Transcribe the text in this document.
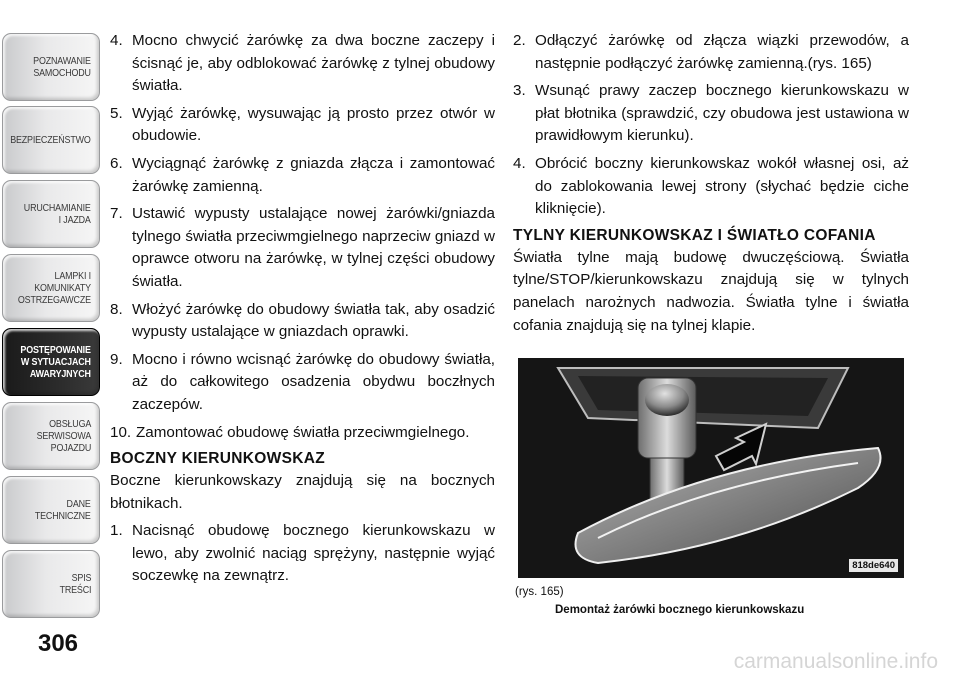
POZNAWANIE
SAMOCHODU
BEZPIECZEŃSTWO
URUCHAMIANIE
I JAZDA
LAMPKI I
KOMUNIKATY
OSTRZEGAWCZE
POSTĘPOWANIE
W SYTUACJACH
AWARYJNYCH
OBSŁUGA
SERWISOWA
POJAZDU
DANE
TECHNICZNE
SPIS
TREŚCI
306
4. Mocno chwycić żarówkę za dwa boczne zaczepy i ścisnąć je, aby odblokować żarówkę z tylnej obudowy światła.
5. Wyjąć żarówkę, wysuwając ją prosto przez otwór w obudowie.
6. Wyciągnąć żarówkę z gniazda złącza i zamontować żarówkę zamienną.
7. Ustawić wypusty ustalające nowej żarówki/gniazda tylnego światła przeciwmgielnego naprzeciw gniazd w oprawce otworu na żarówkę, w tylnej części obudowy światła.
8. Włożyć żarówkę do obudowy światła tak, aby osadzić wypusty ustalające w gniazdach oprawki.
9. Mocno i równo wcisnąć żarówkę do obudowy światła, aż do całkowitego osadzenia obydwu boczłnych zaczepów.
10. Zamontować obudowę światła przeciwmgielnego.
BOCZNY KIERUNKOWSKAZ
Boczne kierunkowskazy znajdują się na bocznych błotnikach.
1. Nacisnąć obudowę bocznego kierunkowskazu w lewo, aby zwolnić naciąg sprężyny, następnie wyjąć soczewkę na zewnątrz.
2. Odłączyć żarówkę od złącza wiązki przewodów, a następnie podłączyć żarówkę zamienną.(rys. 165)
3. Wsunąć prawy zaczep bocznego kierunkowskazu w płat błotnika (sprawdzić, czy obudowa jest ustawiona w prawidłowym kierunku).
4. Obrócić boczny kierunkowskaz wokół własnej osi, aż do zablokowania lewej strony (słychać będzie ciche kliknięcie).
TYLNY KIERUNKOWSKAZ I ŚWIATŁO COFANIA
Światła tylne mają budowę dwuczęściową. Światła tylne/STOP/kierunkowskazu znajdują się w tylnych panelach narożnych nadwozia. Światła tylne i światła cofania znajdują się na tylnej klapie.
818de640
(rys. 165)
Demontaż żarówki bocznego kierunkowskazu
carmanualsonline.info
